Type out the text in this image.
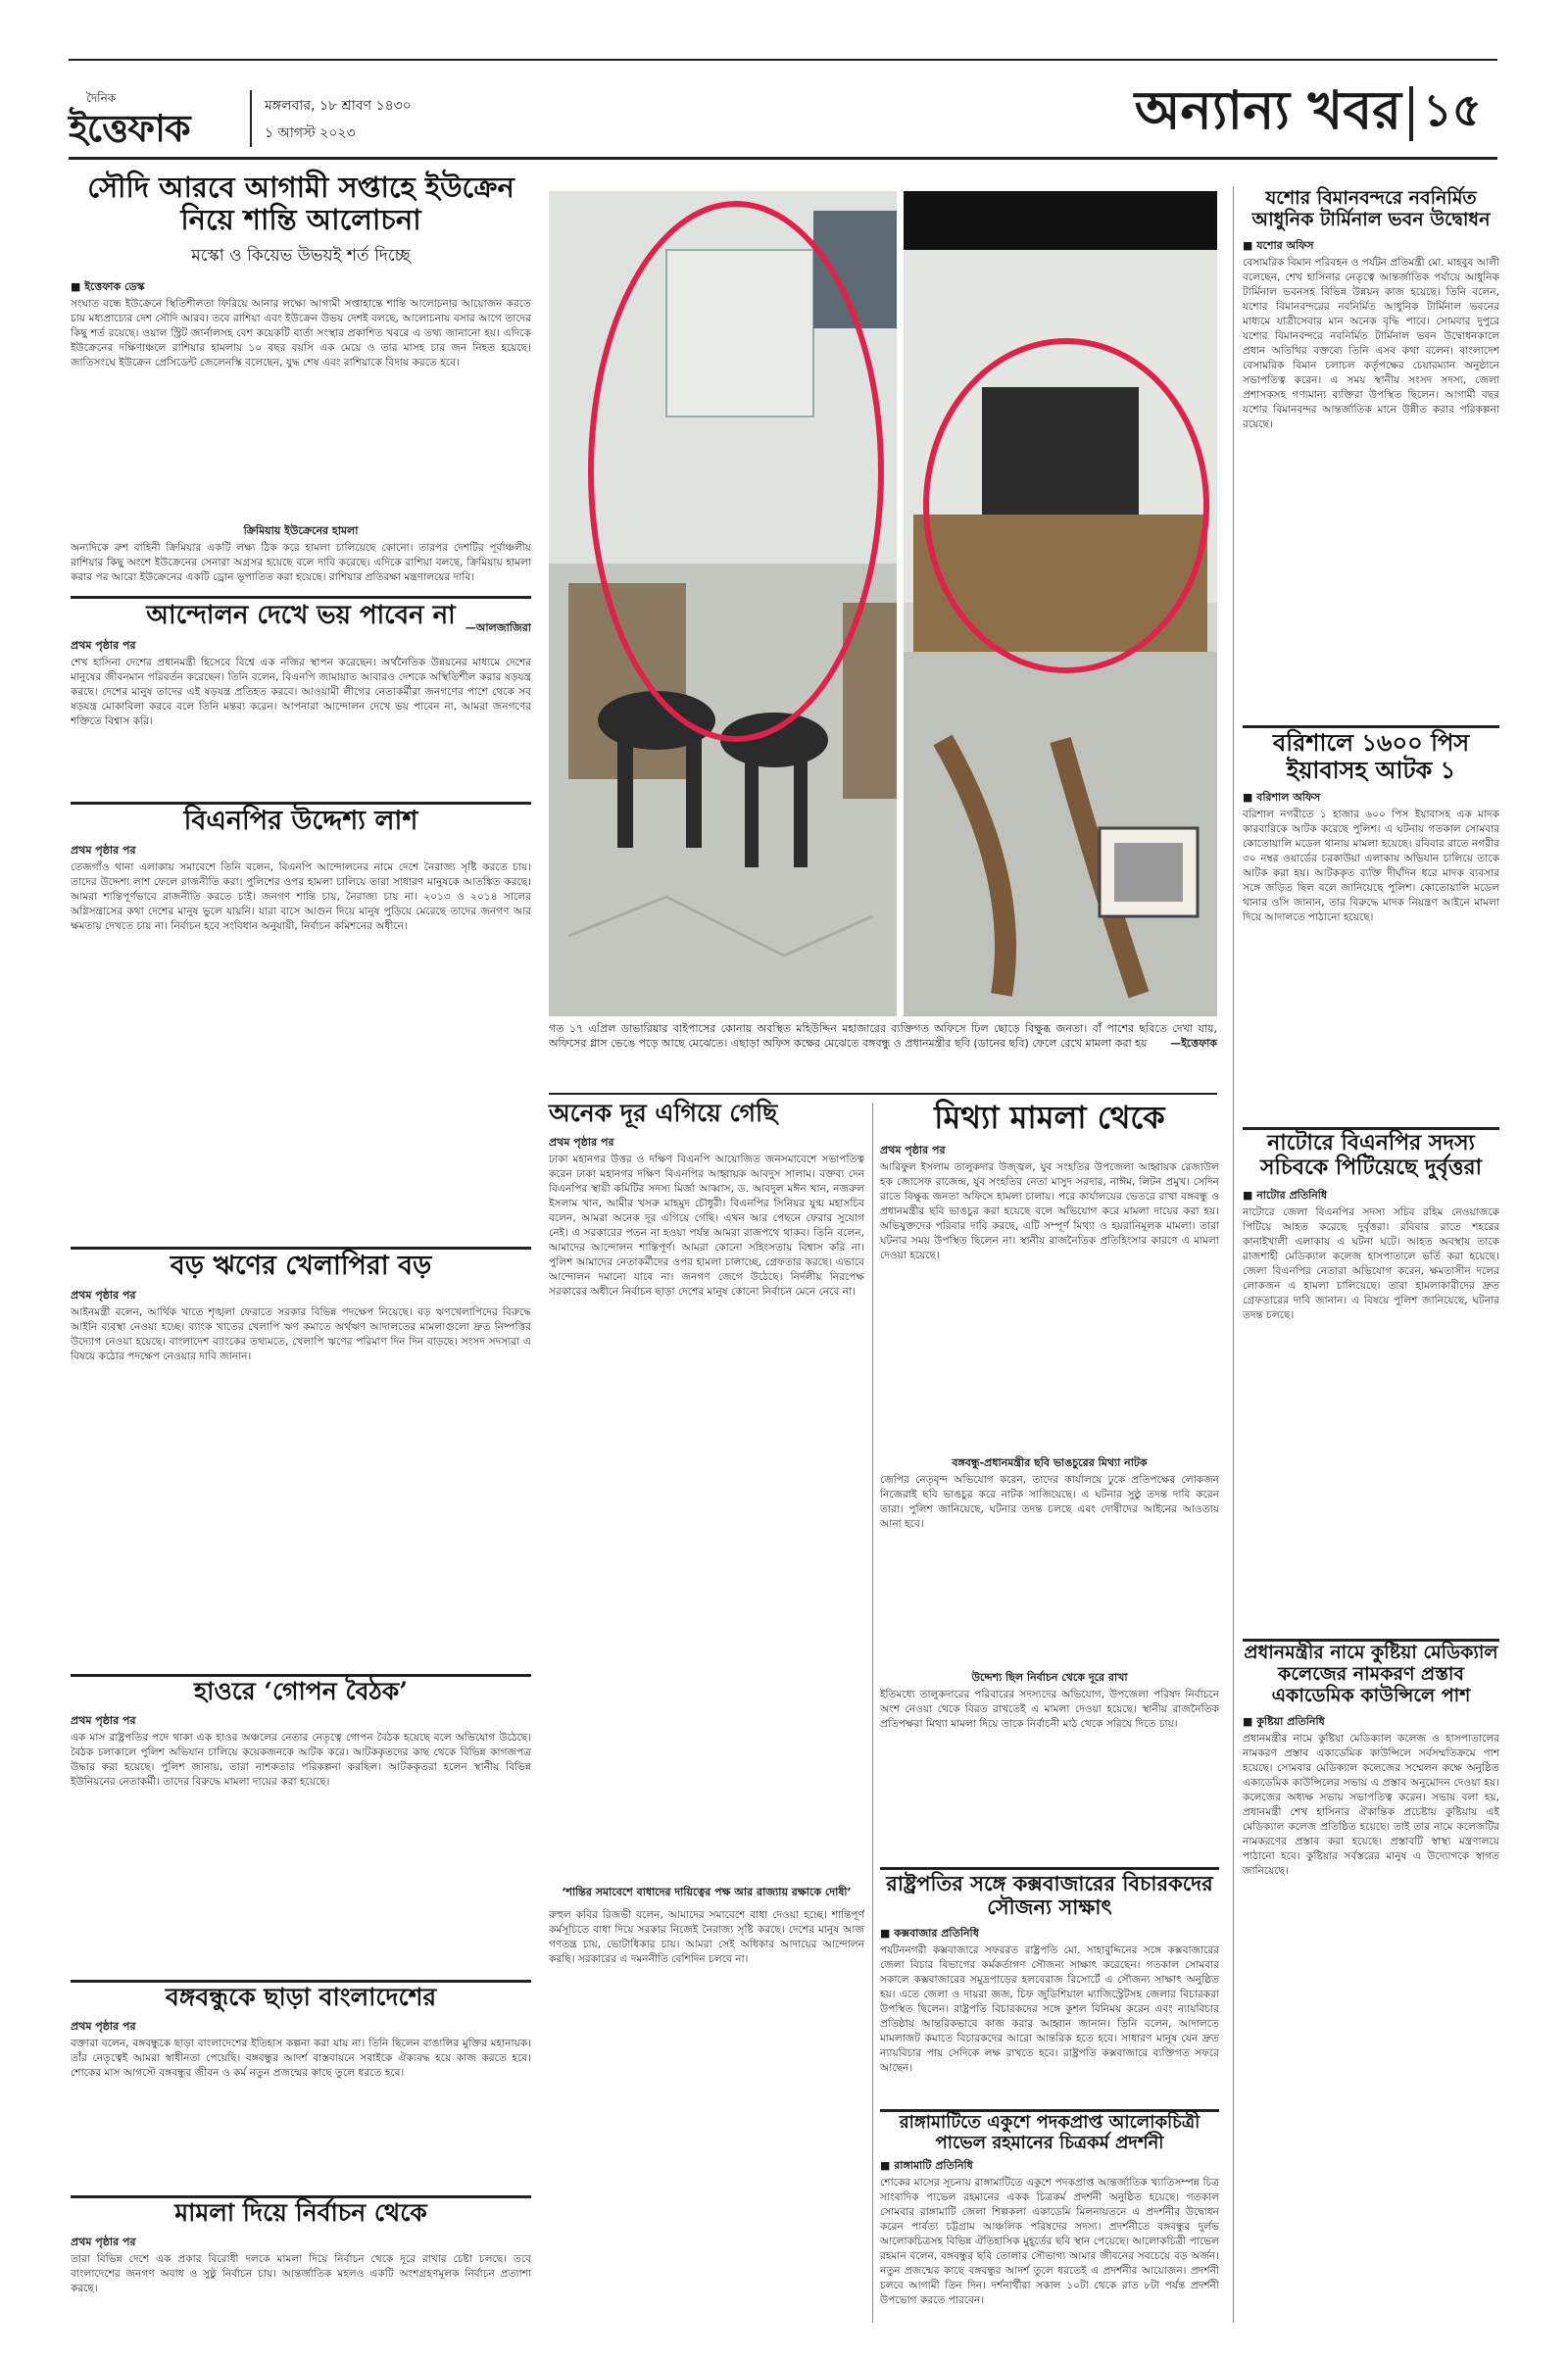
দৈনিক
ইত্তেফাক	মঙ্গলবার, ১৮ শ্রাবণ ১৪৩০
১ আগস্ট ২০২৩	অন্যান্য খবর ১৫
সৌদি আরবে আগামী সপ্তাহে ইউক্রেন নিয়ে শান্তি আলোচনা
মস্কো ও কিয়েভ উভয়ই শর্ত দিচ্ছে
■ ইত্তেফাক ডেস্ক
সংঘাত বন্ধে ইউক্রেনে স্থিতিশীলতা ফিরিয়ে আনার লক্ষ্যে আগামী সপ্তাহান্তে শান্তি আলোচনার আয়োজন করতে চায় মধ্যপ্রাচ্যের দেশ সৌদি আরব। তবে রাশিয়া এবং ইউক্রেন উভয় দেশই বলছে, আলোচনায় বসার আগে তাদের কিছু শর্ত রয়েছে। ওয়াল স্ট্রিট জার্নালসহ বেশ কয়েকটি বার্তা সংস্থার প্রকাশিত খবরে এ তথ্য জানানো হয়। এদিকে ইউক্রেনের দক্ষিণাঞ্চলে রাশিয়ার হামলায় ১০ বছর বয়সি এক মেয়ে ও তার মাসহ চার জন নিহত হয়েছে। জাতিসংঘে ইউক্রেন প্রেসিডেন্ট জেলেনস্কি বলেছেন, যুদ্ধ শেষ এবং রাশিয়াকে বিদায় করতে হবে।
ক্রিমিয়ায় ইউক্রেনের হামলা
অন্যদিকে রুশ বাহিনী ক্রিমিয়ার একটি লক্ষ্য ঠিক করে হামলা চালিয়েছে কোনো। তারপর দেশটির পূর্বাঞ্চলীয় রাশিয়ার কিছু অংশে ইউক্রেনের সেনারা অগ্রসর হয়েছে বলে দাবি করেছে। এদিকে রাশিয়া বলছে, ক্রিমিয়ায় হামলা করার পর আরো ইউক্রেনের একটি ড্রোন ভূপাতিত করা হয়েছে। রাশিয়ার প্রতিরক্ষা মন্ত্রণালয়ের দাবি।
—আলজাজিরা
আন্দোলন দেখে ভয় পাবেন না
প্রথম পৃষ্ঠার পর
শেখ হাসিনা দেশের প্রধানমন্ত্রী হিসেবে বিশ্বে এক নজির স্থাপন করেছেন। অর্থনৈতিক উন্নয়নের মাধ্যমে দেশের মানুষের জীবনমান পরিবর্তন করেছেন। তিনি বলেন, বিএনপি জামায়াত আবারও দেশকে অস্থিতিশীল করার ষড়যন্ত্র করছে। দেশের মানুষ তাদের এই ষড়যন্ত্র প্রতিহত করবে। আওয়ামী লীগের নেতাকর্মীরা জনগণের পাশে থেকে সব ষড়যন্ত্র মোকাবিলা করবে বলে তিনি মন্তব্য করেন। আপনারা আন্দোলন দেখে ভয় পাবেন না, আমরা জনগণের শক্তিতে বিশ্বাস করি।
বিএনপির উদ্দেশ্য লাশ
প্রথম পৃষ্ঠার পর
তেজগাঁও থানা এলাকায় সমাবেশে তিনি বলেন, বিএনপি আন্দোলনের নামে দেশে নৈরাজ্য সৃষ্টি করতে চায়। তাদের উদ্দেশ্য লাশ ফেলে রাজনীতি করা। পুলিশের ওপর হামলা চালিয়ে তারা সাধারণ মানুষকে আতঙ্কিত করছে। আমরা শান্তিপূর্ণভাবে রাজনীতি করতে চাই। জনগণ শান্তি চায়, নৈরাজ্য চায় না। ২০১৩ ও ২০১৪ সালের অগ্নিসন্ত্রাসের কথা দেশের মানুষ ভুলে যায়নি। যারা বাসে আগুন দিয়ে মানুষ পুড়িয়ে মেরেছে তাদের জনগণ আর ক্ষমতায় দেখতে চায় না। নির্বাচন হবে সংবিধান অনুযায়ী, নির্বাচন কমিশনের অধীনে।
বড় ঋণের খেলাপিরা বড়
প্রথম পৃষ্ঠার পর
আইনমন্ত্রী বলেন, আর্থিক খাতে শৃঙ্খলা ফেরাতে সরকার বিভিন্ন পদক্ষেপ নিয়েছে। বড় ঋণখেলাপিদের বিরুদ্ধে আইনি ব্যবস্থা নেওয়া হচ্ছে। ব্যাংক খাতের খেলাপি ঋণ কমাতে অর্থঋণ আদালতের মামলাগুলো দ্রুত নিষ্পত্তির উদ্যোগ নেওয়া হয়েছে। বাংলাদেশ ব্যাংকের তথ্যমতে, খেলাপি ঋণের পরিমাণ দিন দিন বাড়ছে। সংসদ সদস্যরা এ বিষয়ে কঠোর পদক্ষেপ নেওয়ার দাবি জানান।
হাওরে ‘গোপন বৈঠক’
প্রথম পৃষ্ঠার পর
এক মাস রাষ্ট্রপতির পদে থাকা এক হাওর অঞ্চলের নেতার নেতৃত্বে গোপন বৈঠক হয়েছে বলে অভিযোগ উঠেছে। বৈঠক চলাকালে পুলিশ অভিযান চালিয়ে কয়েকজনকে আটক করে। আটককৃতদের কাছ থেকে বিভিন্ন কাগজপত্র উদ্ধার করা হয়েছে। পুলিশ জানায়, তারা নাশকতার পরিকল্পনা করছিল। আটককৃতরা হলেন স্থানীয় বিভিন্ন ইউনিয়নের নেতাকর্মী। তাদের বিরুদ্ধে মামলা দায়ের করা হয়েছে।
বঙ্গবন্ধুকে ছাড়া বাংলাদেশের
প্রথম পৃষ্ঠার পর
বক্তারা বলেন, বঙ্গবন্ধুকে ছাড়া বাংলাদেশের ইতিহাস কল্পনা করা যায় না। তিনি ছিলেন বাঙালির মুক্তির মহানায়ক। তাঁর নেতৃত্বেই আমরা স্বাধীনতা পেয়েছি। বঙ্গবন্ধুর আদর্শ বাস্তবায়নে সবাইকে ঐক্যবদ্ধ হয়ে কাজ করতে হবে। শোকের মাস আগস্টে বঙ্গবন্ধুর জীবন ও কর্ম নতুন প্রজন্মের কাছে তুলে ধরতে হবে।
মামলা দিয়ে নির্বাচন থেকে
প্রথম পৃষ্ঠার পর
তারা বিভিন্ন দেশে এক প্রকার বিরোধী দলকে মামলা দিয়ে নির্বাচন থেকে দূরে রাখার চেষ্টা চলছে। তবে বাংলাদেশের জনগণ অবাধ ও সুষ্ঠু নির্বাচন চায়। আন্তর্জাতিক মহলও একটি অংশগ্রহণমূলক নির্বাচন প্রত্যাশা করছে।
গত ১৭ এপ্রিল ডাভারিয়ার বাইপাসের কোনায় অবস্থিত মহিউদ্দিন মহাজারের ব্যক্তিগত অফিসে ঢিল ছোড়ে বিক্ষুব্ধ জনতা। বাঁ পাশের ছবিতে দেখা যায়, অফিসের গ্লাস ভেঙে পড়ে আছে মেঝেতে। এছাড়া অফিস কক্ষের মেঝেতে বঙ্গবন্ধু ও প্রধানমন্ত্রীর ছবি (ডানের ছবি) ফেলে রেখে মামলা করা হয় —ইত্তেফাক
অনেক দূর এগিয়ে গেছি
প্রথম পৃষ্ঠার পর
ঢাকা মহানগর উত্তর ও দক্ষিণ বিএনপি আয়োজিত জনসমাবেশে সভাপতিত্ব করেন ঢাকা মহানগর দক্ষিণ বিএনপির আহ্বায়ক আবদুস সালাম। বক্তব্য দেন বিএনপির স্থায়ী কমিটির সদস্য মির্জা আব্বাস, ড. আবদুল মঈন খান, নজরুল ইসলাম খান, আমীর খসরু মাহমুদ চৌধুরী। বিএনপির সিনিয়র যুগ্ম মহাসচিব বলেন, আমরা অনেক দূর এগিয়ে গেছি। এখন আর পেছনে ফেরার সুযোগ নেই। এ সরকারের পতন না হওয়া পর্যন্ত আমরা রাজপথে থাকব। তিনি বলেন, আমাদের আন্দোলন শান্তিপূর্ণ। আমরা কোনো সহিংসতায় বিশ্বাস করি না। পুলিশ আমাদের নেতাকর্মীদের ওপর হামলা চালাচ্ছে, গ্রেফতার করছে। এভাবে আন্দোলন দমানো যাবে না। জনগণ জেগে উঠেছে। নির্দলীয় নিরপেক্ষ সরকারের অধীনে নির্বাচন ছাড়া দেশের মানুষ কোনো নির্বাচন মেনে নেবে না।
‘শান্তির সমাবেশে বাধাদের দায়িত্বের পক্ষ আর রাজ্যায় রক্ষাকে দোষী’
রুহুল কবির রিজভী বলেন, আমাদের সমাবেশে বাধা দেওয়া হচ্ছে। শান্তিপূর্ণ কর্মসূচিতে বাধা দিয়ে সরকার নিজেই নৈরাজ্য সৃষ্টি করছে। দেশের মানুষ আজ গণতন্ত্র চায়, ভোটাধিকার চায়। আমরা সেই অধিকার আদায়ের আন্দোলন করছি। সরকারের এ দমননীতি বেশিদিন চলবে না।
মিথ্যা মামলা থেকে
প্রথম পৃষ্ঠার পর
আরিফুল ইসলাম তালুকদার উজ্জ্বল, যুব সংহতির উপজেলা আহ্বায়ক রেজাউল হক জোসেফ রাজেন্দ্র, যুব সংহতির নেতা মাসুদ সরদার, নাঈম, লিটন প্রমুখ। সেদিন রাতে বিক্ষুব্ধ জনতা অফিসে হামলা চালায়। পরে কার্যালয়ের ভেতরে রাখা বঙ্গবন্ধু ও প্রধানমন্ত্রীর ছবি ভাঙচুর করা হয়েছে বলে অভিযোগ করে মামলা দায়ের করা হয়। অভিযুক্তদের পরিবার দাবি করছে, এটি সম্পূর্ণ মিথ্যা ও হয়রানিমূলক মামলা। তারা ঘটনার সময় উপস্থিত ছিলেন না। স্থানীয় রাজনৈতিক প্রতিহিংসার কারণে এ মামলা দেওয়া হয়েছে।
বঙ্গবন্ধু-প্রধানমন্ত্রীর ছবি ভাঙচুরের মিথ্যা নাটক
জেপির নেতৃবৃন্দ অভিযোগ করেন, তাদের কার্যালয়ে ঢুকে প্রতিপক্ষের লোকজন নিজেরাই ছবি ভাঙচুর করে নাটক সাজিয়েছে। এ ঘটনার সুষ্ঠু তদন্ত দাবি করেন তারা। পুলিশ জানিয়েছে, ঘটনার তদন্ত চলছে এবং দোষীদের আইনের আওতায় আনা হবে।
উদ্দেশ্য ছিল নির্বাচন থেকে দূরে রাখা
ইতিমধ্যে তালুকদারের পরিবারের সদস্যদের অভিযোগ, উপজেলা পরিষদ নির্বাচনে অংশ নেওয়া থেকে বিরত রাখতেই এ মামলা দেওয়া হয়েছে। স্থানীয় রাজনৈতিক প্রতিপক্ষরা মিথ্যা মামলা দিয়ে তাকে নির্বাচনী মাঠ থেকে সরিয়ে দিতে চায়।
রাষ্ট্রপতির সঙ্গে কক্সবাজারের বিচারকদের সৌজন্য সাক্ষাৎ
■ কক্সবাজার প্রতিনিধি
পর্যটননগরী কক্সবাজারে সফররত রাষ্ট্রপতি মো. সাহাবুদ্দিনের সঙ্গে কক্সবাজারের জেলা বিচার বিভাগের কর্মকর্তাগণ সৌজন্য সাক্ষাৎ করেছেন। গতকাল সোমবার সকালে কক্সবাজারের সমুদ্রপাড়ের হলবেরাজ রিসোর্টে এ সৌজন্য সাক্ষাৎ অনুষ্ঠিত হয়। এতে জেলা ও দায়রা জজ, চিফ জুডিশিয়াল ম্যাজিস্ট্রেটসহ জেলার বিচারকরা উপস্থিত ছিলেন। রাষ্ট্রপতি বিচারকদের সঙ্গে কুশল বিনিময় করেন এবং ন্যায়বিচার প্রতিষ্ঠায় আন্তরিকভাবে কাজ করার আহ্বান জানান। তিনি বলেন, আদালতে মামলাজট কমাতে বিচারকদের আরো আন্তরিক হতে হবে। সাধারণ মানুষ যেন দ্রুত ন্যায়বিচার পায় সেদিকে লক্ষ রাখতে হবে। রাষ্ট্রপতি কক্সবাজারে ব্যক্তিগত সফরে আছেন।
রাঙ্গামাটিতে একুশে পদকপ্রাপ্ত আলোকচিত্রী পাভেল রহমানের চিত্রকর্ম প্রদর্শনী
■ রাঙ্গামাটি প্রতিনিধি
শোকের মাসের সূচনায় রাঙ্গামাটিতে একুশে পদকপ্রাপ্ত আন্তর্জাতিক খ্যাতিসম্পন্ন চিত্র সাংবাদিক পাভেল রহমানের একক চিত্রকর্ম প্রদর্শনী অনুষ্ঠিত হয়েছে। গতকাল সোমবার রাঙ্গামাটি জেলা শিল্পকলা একাডেমি মিলনায়তনে এ প্রদর্শনীর উদ্বোধন করেন পার্বত্য চট্টগ্রাম আঞ্চলিক পরিষদের সদস্য। প্রদর্শনীতে বঙ্গবন্ধুর দুর্লভ আলোকচিত্রসহ বিভিন্ন ঐতিহাসিক মুহূর্তের ছবি স্থান পেয়েছে। আলোকচিত্রী পাভেল রহমান বলেন, বঙ্গবন্ধুর ছবি তোলার সৌভাগ্য আমার জীবনের সবচেয়ে বড় অর্জন। নতুন প্রজন্মের কাছে বঙ্গবন্ধুর আদর্শ তুলে ধরতেই এ প্রদর্শনীর আয়োজন। প্রদর্শনী চলবে আগামী তিন দিন। দর্শনার্থীরা সকাল ১০টা থেকে রাত ৮টা পর্যন্ত প্রদর্শনী উপভোগ করতে পারবেন।
যশোর বিমানবন্দরে নবনির্মিত আধুনিক টার্মিনাল ভবন উদ্বোধন
■ যশোর অফিস
বেসামরিক বিমান পরিবহন ও পর্যটন প্রতিমন্ত্রী মো. মাহবুব আলী বলেছেন, শেখ হাসিনার নেতৃত্বে আন্তর্জাতিক পর্যায়ে আধুনিক টার্মিনাল ভবনসহ বিভিন্ন উন্নয়ন কাজ হয়েছে। তিনি বলেন, যশোর বিমানবন্দরের নবনির্মিত আধুনিক টার্মিনাল ভবনের মাধ্যমে যাত্রীসেবার মান অনেক বৃদ্ধি পাবে। সোমবার দুপুরে যশোর বিমানবন্দরে নবনির্মিত টার্মিনাল ভবন উদ্বোধনকালে প্রধান অতিথির বক্তব্যে তিনি এসব কথা বলেন। বাংলাদেশ বেসামরিক বিমান চলাচল কর্তৃপক্ষের চেয়ারম্যান অনুষ্ঠানে সভাপতিত্ব করেন। এ সময় স্থানীয় সংসদ সদস্য, জেলা প্রশাসকসহ গণ্যমান্য ব্যক্তিরা উপস্থিত ছিলেন। আগামী বছর যশোর বিমানবন্দর আন্তর্জাতিক মানে উন্নীত করার পরিকল্পনা রয়েছে।
বরিশালে ১৬০০ পিস ইয়াবাসহ আটক ১
■ বরিশাল অফিস
বরিশাল নগরীতে ১ হাজার ৬০০ পিস ইয়াবাসহ এক মাদক কারবারিকে আটক করেছে পুলিশ। এ ঘটনায় গতকাল সোমবার কোতোয়ালি মডেল থানায় মামলা হয়েছে। রবিবার রাতে নগরীর ৩০ নম্বর ওয়ার্ডের চরকাউয়া এলাকায় অভিযান চালিয়ে তাকে আটক করা হয়। আটককৃত ব্যক্তি দীর্ঘদিন ধরে মাদক ব্যবসার সঙ্গে জড়িত ছিল বলে জানিয়েছে পুলিশ। কোতোয়ালি মডেল থানার ওসি জানান, তার বিরুদ্ধে মাদক নিয়ন্ত্রণ আইনে মামলা দিয়ে আদালতে পাঠানো হয়েছে।
নাটোরে বিএনপির সদস্য সচিবকে পিটিয়েছে দুর্বৃত্তরা
■ নাটোর প্রতিনিধি
নাটোরে জেলা বিএনপির সদস্য সচিব রহিম নেওয়াজকে পিটিয়ে আহত করেছে দুর্বৃত্তরা। রবিবার রাতে শহরের কানাইখালী এলাকায় এ ঘটনা ঘটে। আহত অবস্থায় তাকে রাজশাহী মেডিক্যাল কলেজ হাসপাতালে ভর্তি করা হয়েছে। জেলা বিএনপির নেতারা অভিযোগ করেন, ক্ষমতাসীন দলের লোকজন এ হামলা চালিয়েছে। তারা হামলাকারীদের দ্রুত গ্রেফতারের দাবি জানান। এ বিষয়ে পুলিশ জানিয়েছে, ঘটনার তদন্ত চলছে।
প্রধানমন্ত্রীর নামে কুষ্টিয়া মেডিক্যাল কলেজের নামকরণ প্রস্তাব একাডেমিক কাউন্সিলে পাশ
■ কুষ্টিয়া প্রতিনিধি
প্রধানমন্ত্রীর নামে কুষ্টিয়া মেডিক্যাল কলেজ ও হাসপাতালের নামকরণ প্রস্তাব একাডেমিক কাউন্সিলে সর্বসম্মতিক্রমে পাশ হয়েছে। সোমবার মেডিক্যাল কলেজের সম্মেলন কক্ষে অনুষ্ঠিত একাডেমিক কাউন্সিলের সভায় এ প্রস্তাব অনুমোদন দেওয়া হয়। কলেজের অধ্যক্ষ সভায় সভাপতিত্ব করেন। সভায় বলা হয়, প্রধানমন্ত্রী শেখ হাসিনার ঐকান্তিক প্রচেষ্টায় কুষ্টিয়ায় এই মেডিক্যাল কলেজ প্রতিষ্ঠিত হয়েছে। তাই তার নামে কলেজটির নামকরণের প্রস্তাব করা হয়েছে। প্রস্তাবটি স্বাস্থ্য মন্ত্রণালয়ে পাঠানো হবে। কুষ্টিয়ার সর্বস্তরের মানুষ এ উদ্যোগকে স্বাগত জানিয়েছে।
